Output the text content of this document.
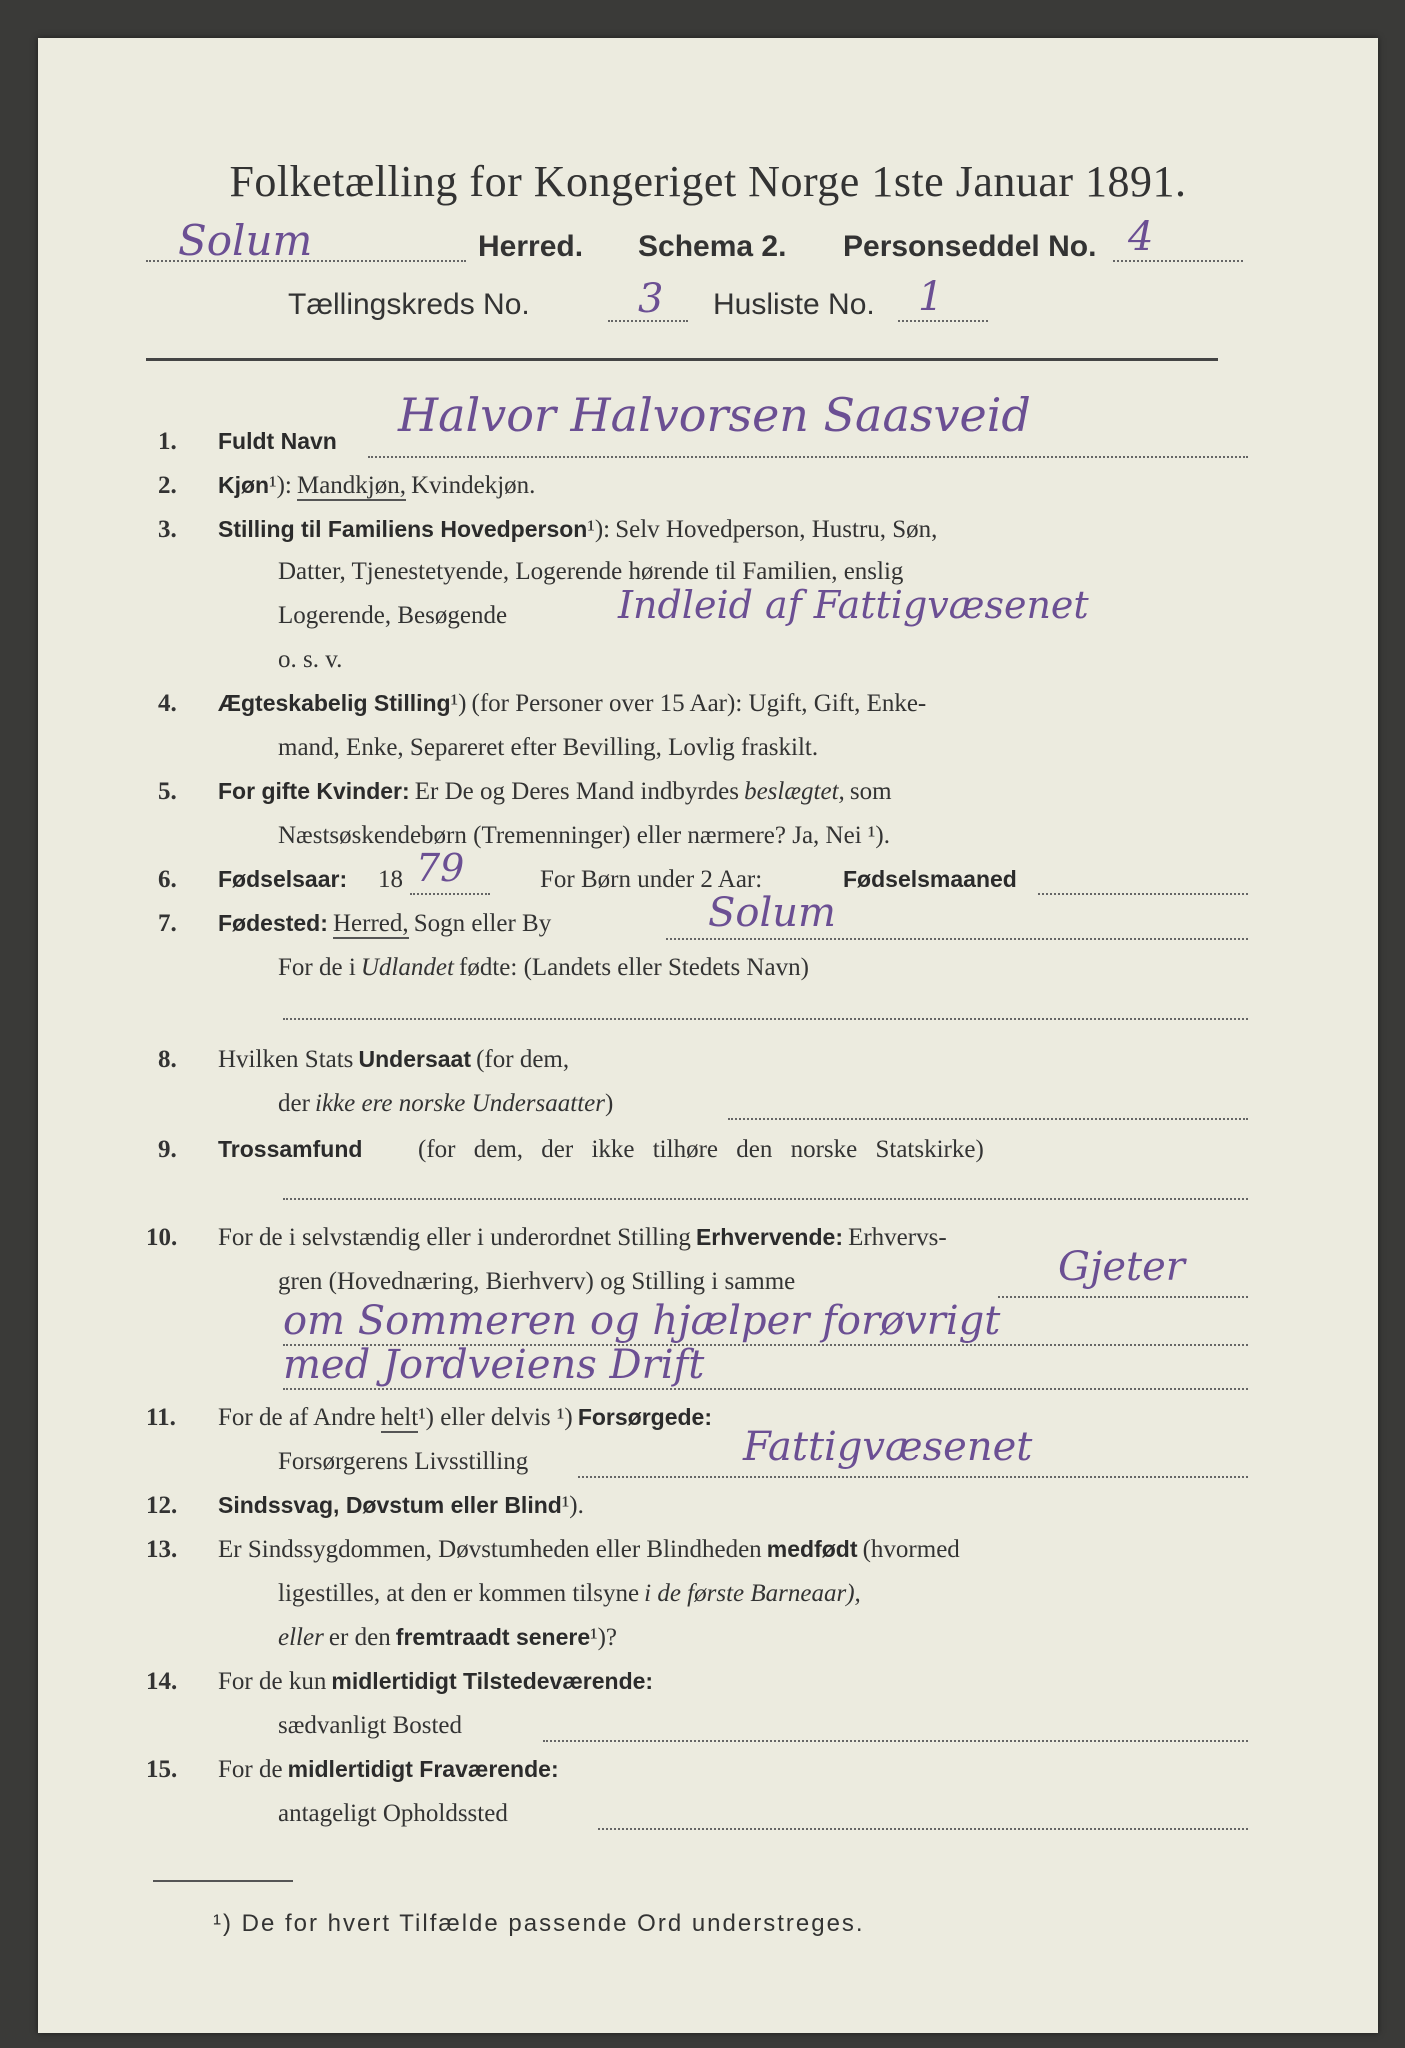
Folketælling for Kongeriget Norge 1ste Januar 1891.
Solum	Herred. Schema 2. Personseddel No. 4
Tællingskreds No.	3 Husliste No. 1
1. Fuldt Navn Halvor Halvorsen Saasveid
2. Kjøn¹): Mandkjøn, Kvindekjøn.
3. Stilling til Familiens Hovedperson¹): Selv Hovedperson, Hustru, Søn,
Datter, Tjenestetyende, Logerende hørende til Familien, enslig
Logerende, Besøgende	Indleid af Fattigvæsenet
o. s. v.
4. Ægteskabelig Stilling¹) (for Personer over 15 Aar): Ugift, Gift, Enke-
mand, Enke, Separeret efter Bevilling, Lovlig fraskilt.
5. For gifte Kvinder: Er De og Deres Mand indbyrdes beslægtet, som
Næstsøskendebørn (Tremenninger) eller nærmere? Ja, Nei ¹).
6. Fødselsaar: 18 79	For Børn under 2 Aar:	Fødselsmaaned
7. Fødested: Herred, Sogn eller By	Solum
For de i Udlandet fødte: (Landets eller Stedets Navn)
8. Hvilken Stats Undersaat (for dem,
der ikke ere norske Undersaatter)
9. Trossamfund (for dem, der ikke tilhøre den norske Statskirke)
10. For de i selvstændig eller i underordnet Stilling Erhvervende: Erhvervs-
gren (Hovednæring, Bierhverv) og Stilling i samme	Gjeter
om Sommeren og hjælper forøvrigt
med Jordveiens Drift
11. For de af Andre helt¹) eller delvis ¹) Forsørgede:
Forsørgerens Livsstilling	Fattigvæsenet
12. Sindssvag, Døvstum eller Blind¹).
13. Er Sindssygdommen, Døvstumheden eller Blindheden medfødt (hvormed
ligestilles, at den er kommen tilsyne i de første Barneaar),
eller er den fremtraadt senere¹)?
14. For de kun midlertidigt Tilstedeværende:
sædvanligt Bosted
15. For de midlertidigt Fraværende:
antageligt Opholdssted
¹) De for hvert Tilfælde passende Ord understreges.
